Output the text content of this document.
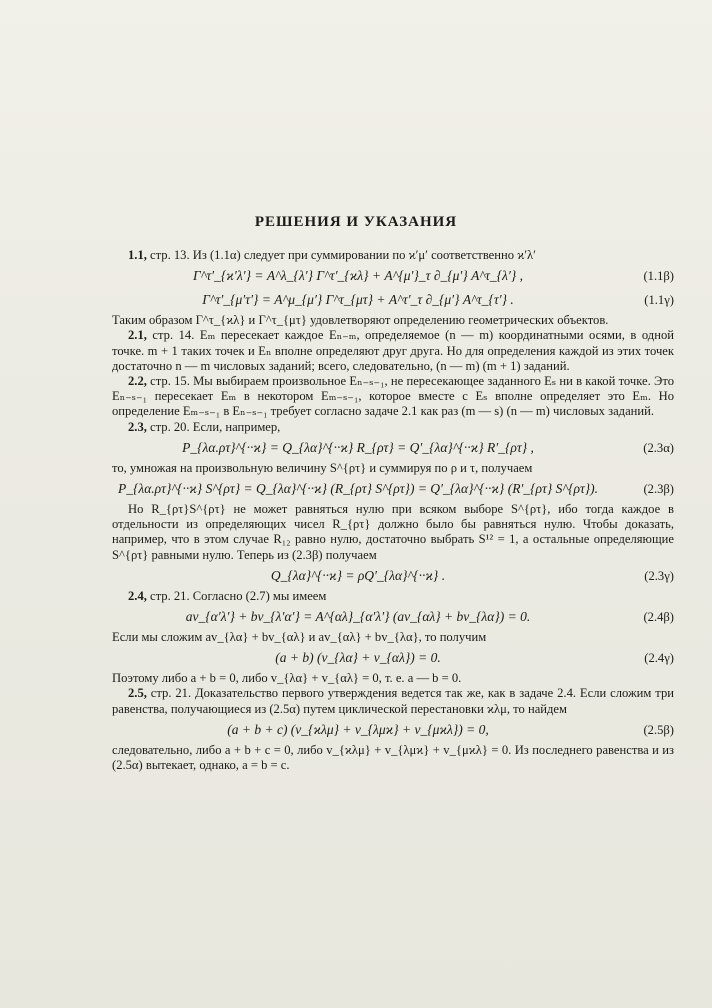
РЕШЕНИЯ И УКАЗАНИЯ

1.1, стр. 13. Из (1.1α) следует при суммировании по ϰ′μ′ соответственно ϰ′λ′

Γ^τ′_{ϰ′λ′} = A^λ_{λ′} Γ^τ′_{ϰλ} + A^{μ′}_τ ∂_{μ′} A^τ_{λ′} ,	(1.1β)
Γ^τ′_{μ′τ′} = A^μ_{μ′} Γ^τ_{μτ} + A^τ′_τ ∂_{μ′} A^τ_{τ′} .	(1.1γ)

Таким образом Γ^τ_{ϰλ} и Γ^τ_{μτ} удовлетворяют определению геометрических объектов.

2.1, стр. 14. Eₘ пересекает каждое Eₙ₋ₘ, определяемое (n — m) координатными осями, в одной точке. m + 1 таких точек и Eₙ вполне определяют друг друга. Но для определения каждой из этих точек достаточно n — m числовых заданий; всего, следовательно, (n — m) (m + 1) заданий.

2.2, стр. 15. Мы выбираем произвольное Eₙ₋ₛ₋₁, не пересекающее заданного Eₛ ни в какой точке. Это Eₙ₋ₛ₋₁ пересекает Eₘ в некотором Eₘ₋ₛ₋₁, которое вместе с Eₛ вполне определяет это Eₘ. Но определение Eₘ₋ₛ₋₁ в Eₙ₋ₛ₋₁ требует согласно задаче 2.1 как раз (m — s) (n — m) числовых заданий.

2.3, стр. 20. Если, например,

P_{λα.ρτ}^{··ϰ} = Q_{λα}^{··ϰ} R_{ρτ} = Q′_{λα}^{··ϰ} R′_{ρτ} ,	(2.3α)

то, умножая на произвольную величину S^{ρτ} и суммируя по ρ и τ, получаем

P_{λα.ρτ}^{··ϰ} S^{ρτ} = Q_{λα}^{··ϰ} (R_{ρτ} S^{ρτ}) = Q′_{λα}^{··ϰ} (R′_{ρτ} S^{ρτ}).	(2.3β)

Но R_{ρτ}S^{ρτ} не может равняться нулю при всяком выборе S^{ρτ}, ибо тогда каждое в отдельности из определяющих чисел R_{ρτ} должно было бы равняться нулю. Чтобы доказать, например, что в этом случае R₁₂ равно нулю, достаточно выбрать S¹² = 1, а остальные определяющие S^{ρτ} равными нулю. Теперь из (2.3β) получаем

Q_{λα}^{··ϰ} = ρQ′_{λα}^{··ϰ} .	(2.3γ)

2.4, стр. 21. Согласно (2.7) мы имеем

av_{α′λ′} + bv_{λ′α′} = A^{αλ}_{α′λ′} (av_{αλ} + bv_{λα}) = 0.	(2.4β)

Если мы сложим av_{λα} + bv_{αλ} и av_{αλ} + bv_{λα}, то получим

(a + b) (v_{λα} + v_{αλ}) = 0.	(2.4γ)

Поэтому либо a + b = 0, либо v_{λα} + v_{αλ} = 0, т. е. a — b = 0.

2.5, стр. 21. Доказательство первого утверждения ведется так же, как в задаче 2.4. Если сложим три равенства, получающиеся из (2.5α) путем циклической перестановки ϰλμ, то найдем

(a + b + c) (v_{ϰλμ} + v_{λμϰ} + v_{μϰλ}) = 0,	(2.5β)

следовательно, либо a + b + c = 0, либо v_{ϰλμ} + v_{λμϰ} + v_{μϰλ} = 0. Из последнего равенства и из (2.5α) вытекает, однако, a = b = c.
